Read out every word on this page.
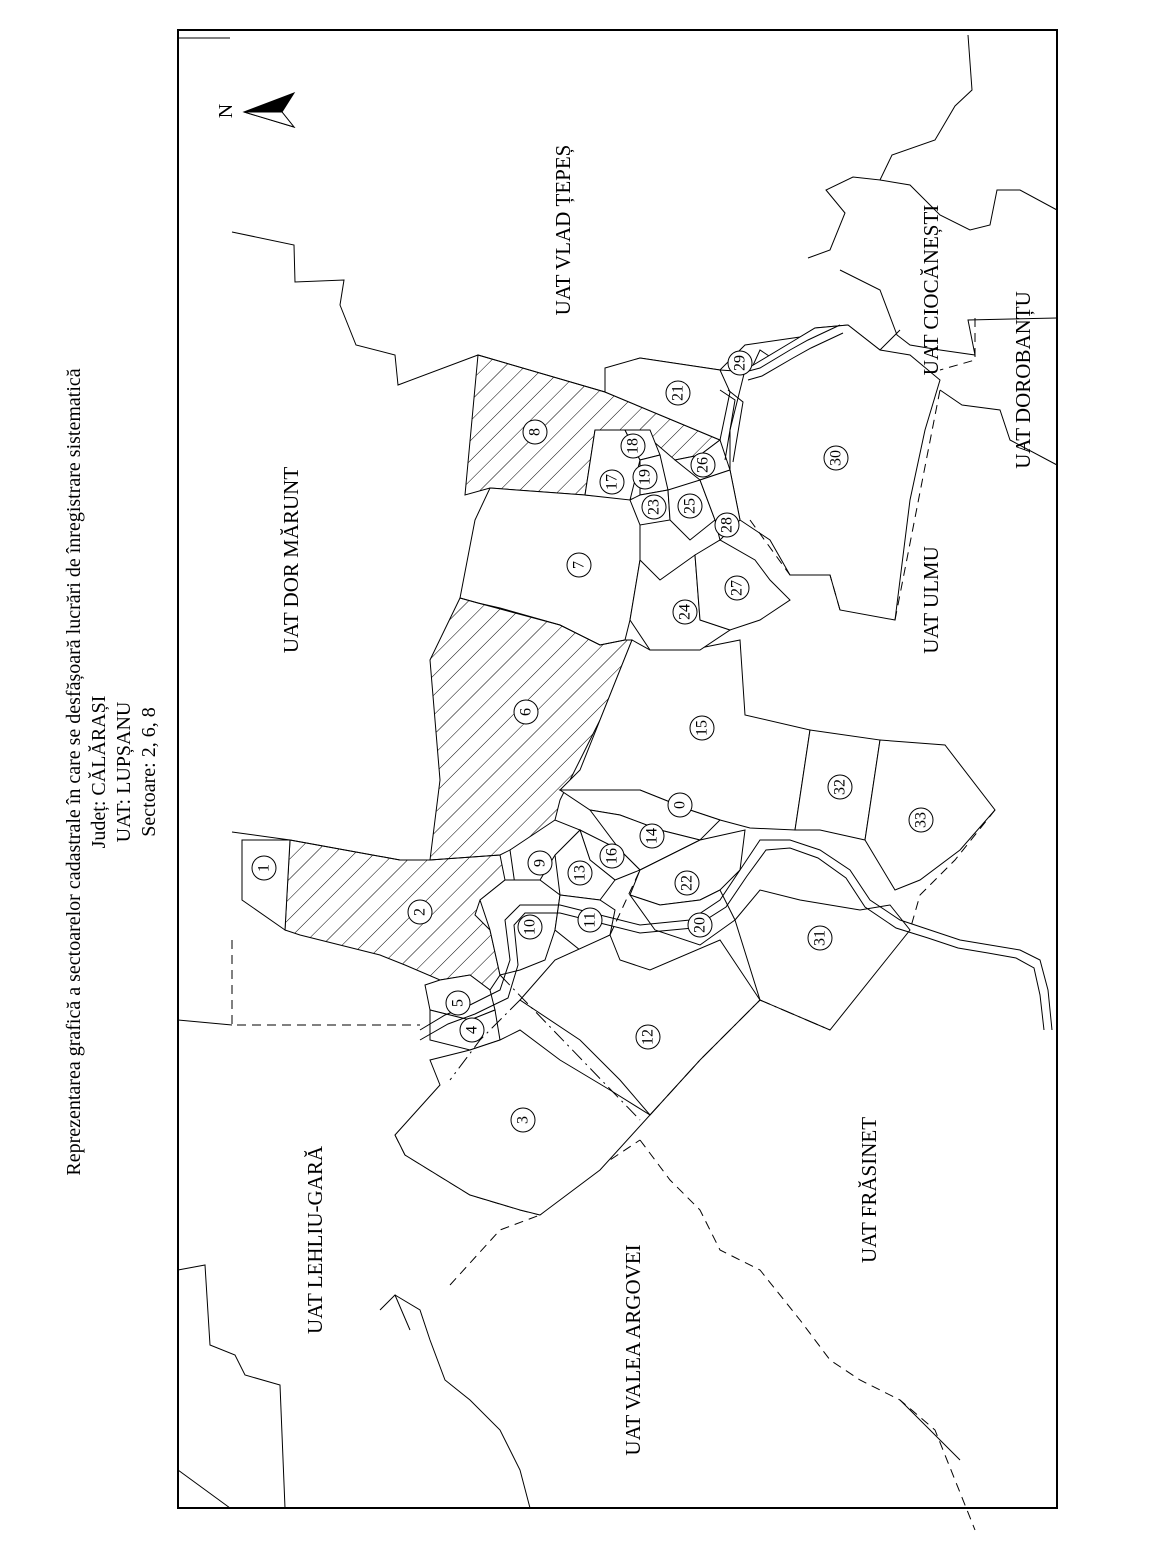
Reprezentarea grafică a sectoarelor cadastrale în care se desfășoară lucrări de înregistrare sistematică Județ: CĂLĂRAȘI UAT: LUPȘANU Sectoare: 2, 6, 8
N
UAT VLAD ȚEPEȘ
UAT DOR MĂRUNT
UAT CIOCĂNEȘTI
UAT DOROBANȚU
UAT ULMU
UAT LEHLIU-GARĂ
UAT VALEA ARGOVEI
UAT FRĂSINET
0
1
2
3
4
5
6
7
8
9
10	11
12
13
14
15
16
17
18
19
20
21
22
23
24
25
26
27
28
29
30
31
32
33
